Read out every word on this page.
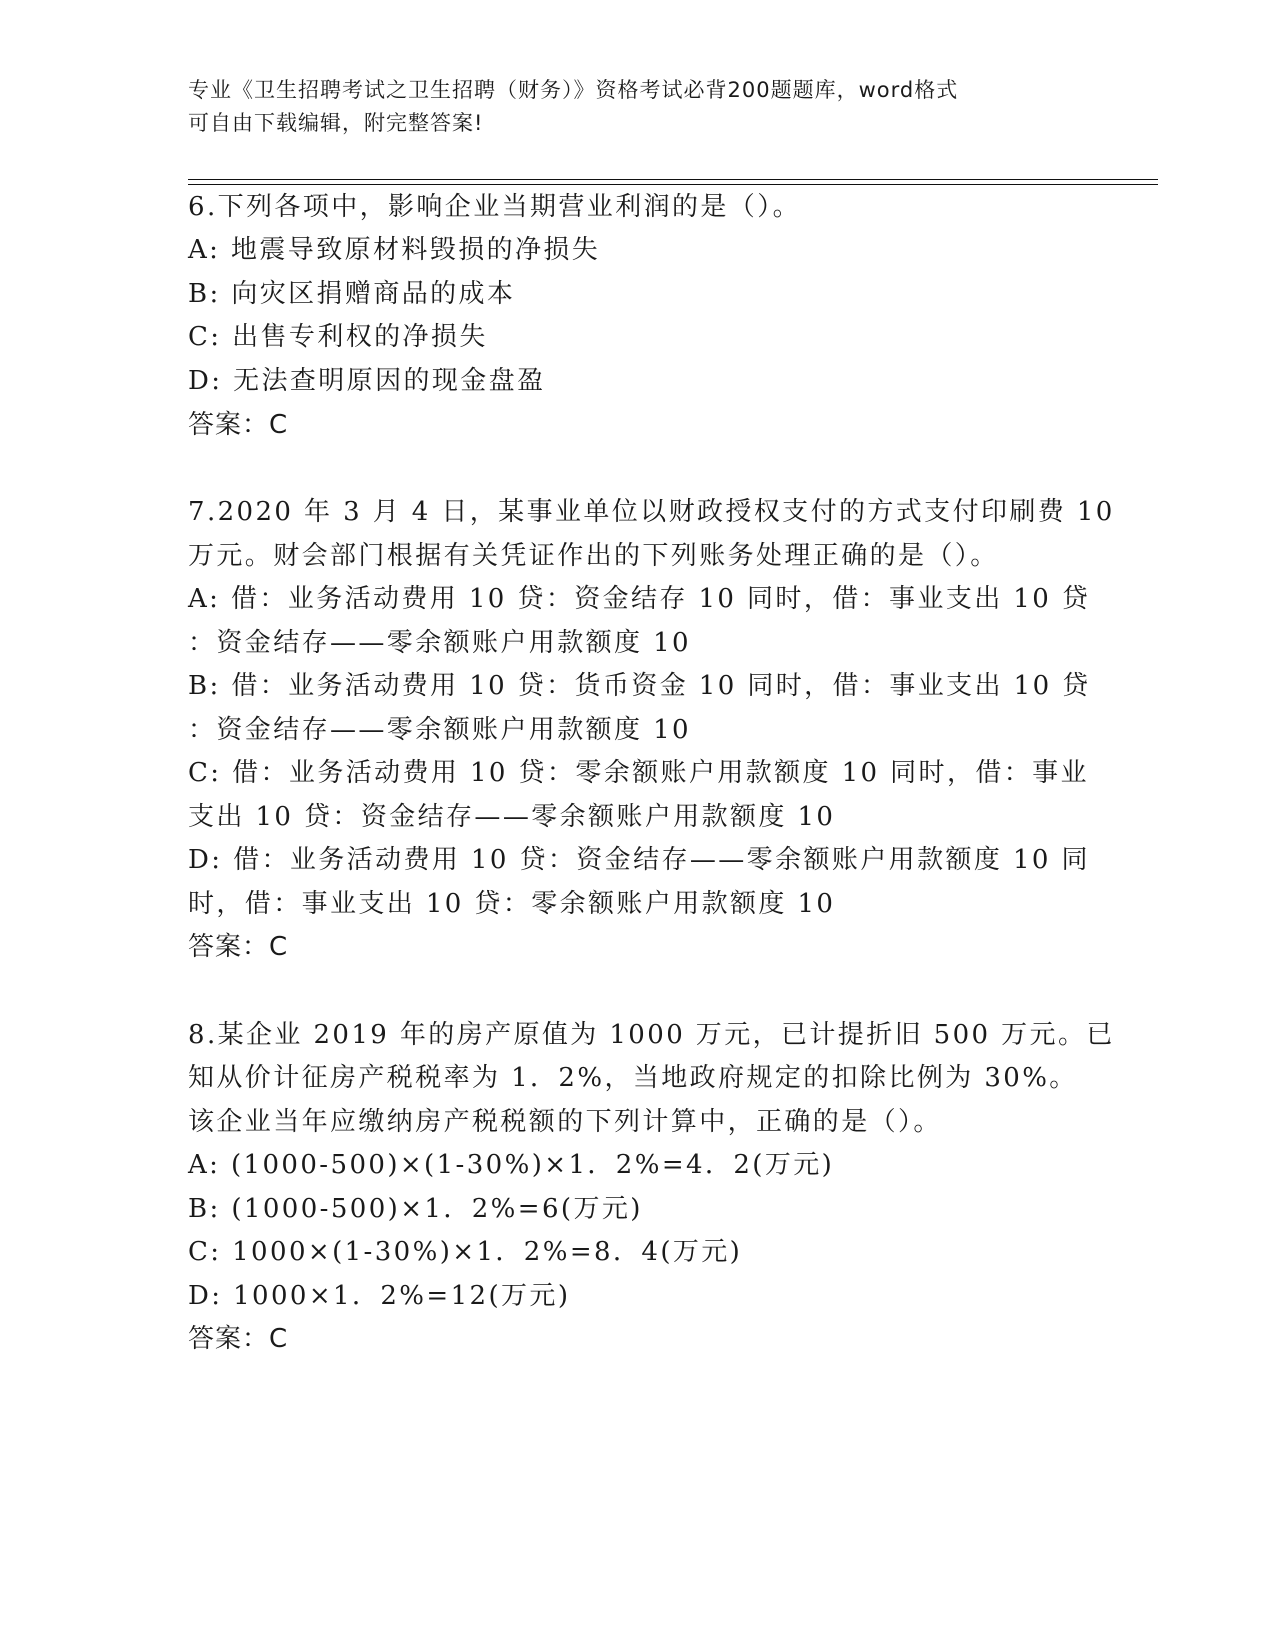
专业《卫生招聘考试之卫生招聘（财务）》资格考试必背200题题库，word格式
可自由下载编辑，附完整答案!
6.下列各项中，影响企业当期营业利润的是（）。
A: 地震导致原材料毁损的净损失
B: 向灾区捐赠商品的成本
C: 出售专利权的净损失
D: 无法查明原因的现金盘盈
答案：C
7.2020 年 3 月 4 日，某事业单位以财政授权支付的方式支付印刷费 10
万元。财会部门根据有关凭证作出的下列账务处理正确的是（）。
A: 借：业务活动费用 10 贷：资金结存 10 同时，借：事业支出 10 贷
：资金结存——零余额账户用款额度 10
B: 借：业务活动费用 10 贷：货币资金 10 同时，借：事业支出 10 贷
：资金结存——零余额账户用款额度 10
C: 借：业务活动费用 10 贷：零余额账户用款额度 10 同时，借：事业
支出 10 贷：资金结存——零余额账户用款额度 10
D: 借：业务活动费用 10 贷：资金结存——零余额账户用款额度 10 同
时，借：事业支出 10 贷：零余额账户用款额度 10
答案：C
8.某企业 2019 年的房产原值为 1000 万元，已计提折旧 500 万元。已
知从价计征房产税税率为 1．2%，当地政府规定的扣除比例为 30%。
该企业当年应缴纳房产税税额的下列计算中，正确的是（）。
A: (1000-500)×(1-30%)×1．2%=4．2(万元)
B: (1000-500)×1．2%=6(万元)
C: 1000×(1-30%)×1．2%=8．4(万元)
D: 1000×1．2%=12(万元)
答案：C
